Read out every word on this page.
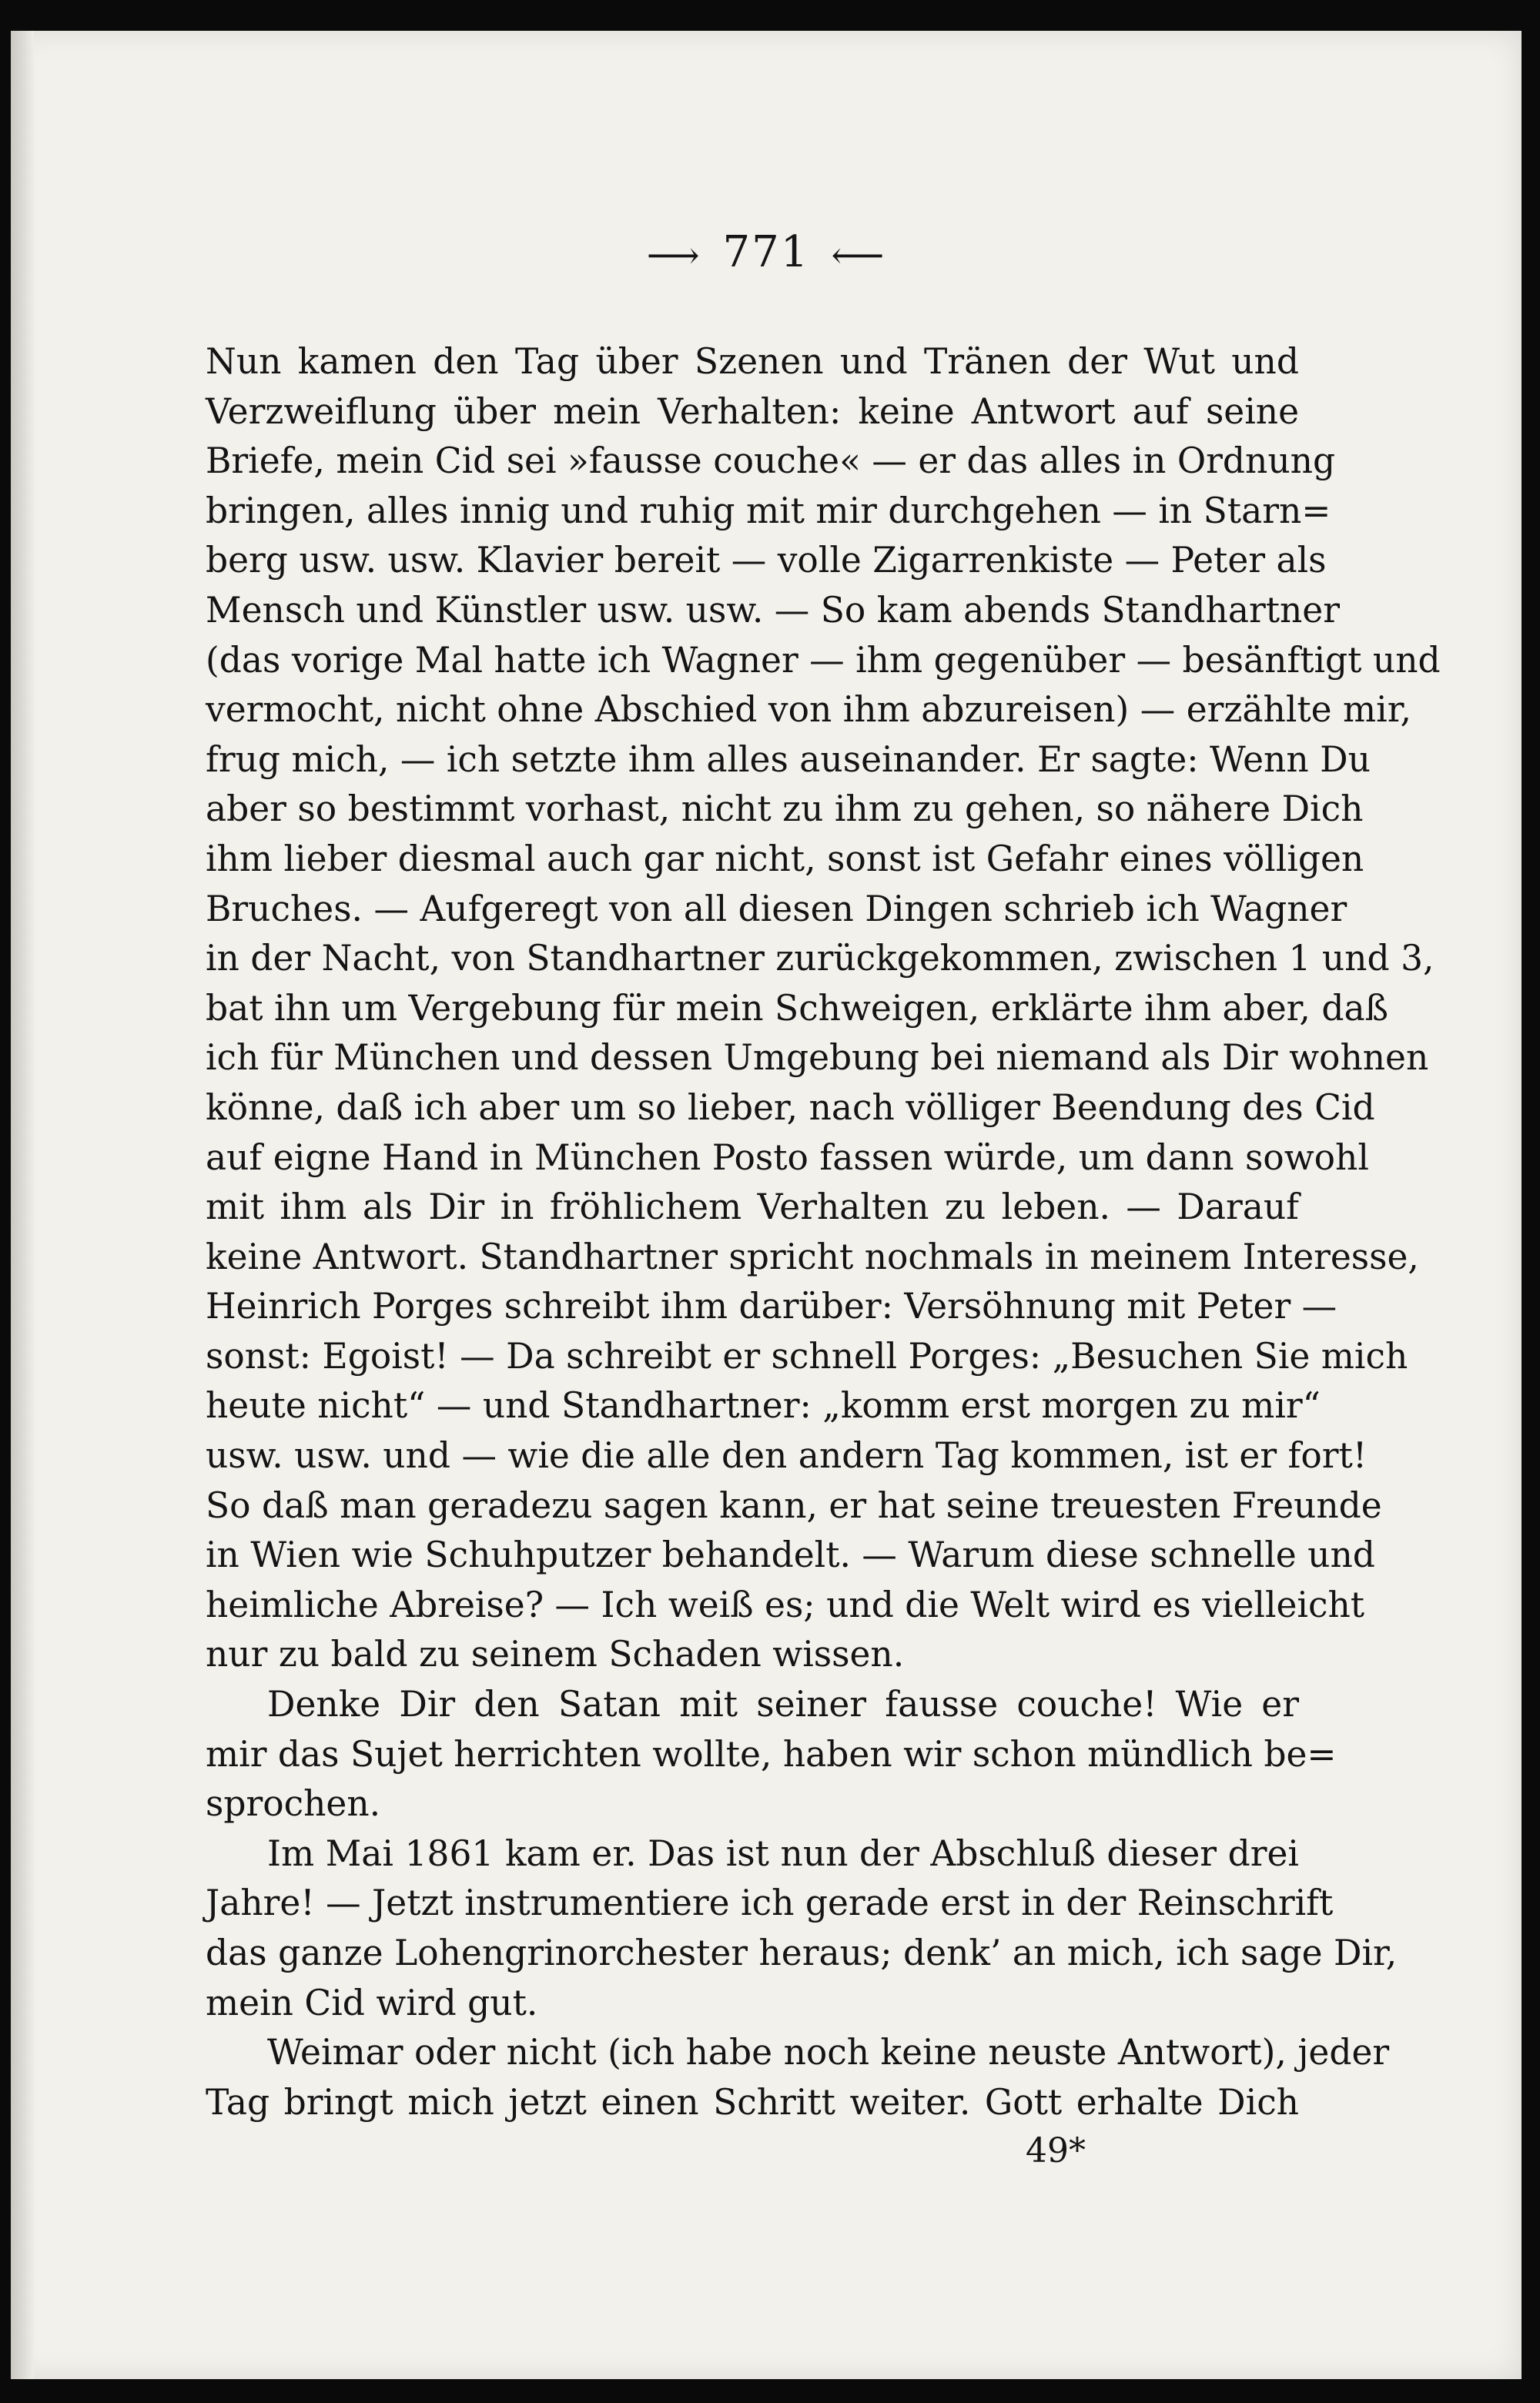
⟶ 771 ⟵
Nun kamen den Tag über Szenen und Tränen der Wut und
Verzweiflung über mein Verhalten: keine Antwort auf seine
Briefe, mein Cid sei »fausse couche« — er das alles in Ordnung
bringen, alles innig und ruhig mit mir durchgehen — in Starn=
berg usw. usw. Klavier bereit — volle Zigarrenkiste — Peter als
Mensch und Künstler usw. usw. — So kam abends Standhartner
(das vorige Mal hatte ich Wagner — ihm gegenüber — besänftigt und
vermocht, nicht ohne Abschied von ihm abzureisen) — erzählte mir,
frug mich, — ich setzte ihm alles auseinander. Er sagte: Wenn Du
aber so bestimmt vorhast, nicht zu ihm zu gehen, so nähere Dich
ihm lieber diesmal auch gar nicht, sonst ist Gefahr eines völligen
Bruches. — Aufgeregt von all diesen Dingen schrieb ich Wagner
in der Nacht, von Standhartner zurückgekommen, zwischen 1 und 3,
bat ihn um Vergebung für mein Schweigen, erklärte ihm aber, daß
ich für München und dessen Umgebung bei niemand als Dir wohnen
könne, daß ich aber um so lieber, nach völliger Beendung des Cid
auf eigne Hand in München Posto fassen würde, um dann sowohl
mit ihm als Dir in fröhlichem Verhalten zu leben. — Darauf
keine Antwort. Standhartner spricht nochmals in meinem Interesse,
Heinrich Porges schreibt ihm darüber: Versöhnung mit Peter —
sonst: Egoist! — Da schreibt er schnell Porges: „Besuchen Sie mich
heute nicht“ — und Standhartner: „komm erst morgen zu mir“
usw. usw. und — wie die alle den andern Tag kommen, ist er fort!
So daß man geradezu sagen kann, er hat seine treuesten Freunde
in Wien wie Schuhputzer behandelt. — Warum diese schnelle und
heimliche Abreise? — Ich weiß es; und die Welt wird es vielleicht
nur zu bald zu seinem Schaden wissen.
Denke Dir den Satan mit seiner fausse couche! Wie er
mir das Sujet herrichten wollte, haben wir schon mündlich be=
sprochen.
Im Mai 1861 kam er. Das ist nun der Abschluß dieser drei
Jahre! — Jetzt instrumentiere ich gerade erst in der Reinschrift
das ganze Lohengrinorchester heraus; denk’ an mich, ich sage Dir,
mein Cid wird gut.
Weimar oder nicht (ich habe noch keine neuste Antwort), jeder
Tag bringt mich jetzt einen Schritt weiter. Gott erhalte Dich
49*
